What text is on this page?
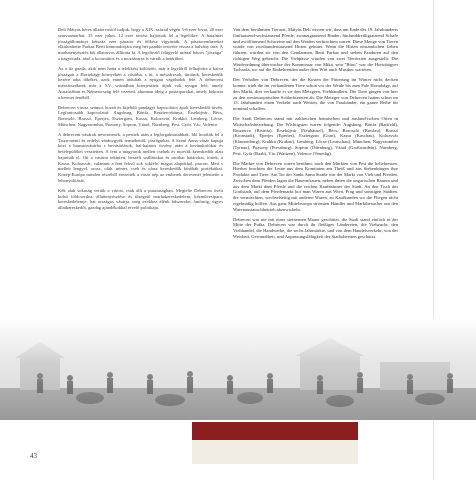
Deli Mátyás héres állatorvostól tudjuk, hogy a XIX. század végén 5-6 ezer lovat, 20 ezer szarvasmarhát, 35 ezer juhot, 12 ezer sertést hajtottak fel a legelőkre. A hatalmas jószágállományt kétszáz ezer pásztor és félkész vigyázták. A pásztorembereket elkülönítette Farkas Berti komondorjára meg hét pandúr testvére vissza a halvány útra. A marhatenyésztés két állatorvos állította ki. A legelteztő felügyelő mintal bátros "jószága" a nagyorada, ahol a kocsmáros és a mozsáraras is várták a betérőket.

Az a tíz gazda, akik nem hatta a telekkést költözött, már a legelőről felhajtotta a kacsa jószágait a Hortobágy környékén a vásárba, s itt, a mészárosok, tímárok, kereskedők kezére adta tőkékét, azok ennen indultak a nyugati vágóhídok felé. A debreceni mészárszéknek már a XV. században kiterjesztett útjuk volt nyugat felé, amely Ausztriában és Németország felé vezetett, ahonnan ideig a postaiparokat, amely behozta a kereset fenéből.

Debrecen virusz számos hozzá és kijelölő pandagyi kapcsolatot ápolt kereskedői útvén. Legfontosabb kapcsolatai: Augsburg, Bártfa, Besztercebánya, Érsekújvár, Bécs, Boroszló, Brassó, Eperjes, Esztergom, Kassa, Kolozsvár, Krakkó, Lemberg, Lőcse, München, Nagyszombat, Pozsony, Sopron, Várad, Nürnberg, Pest, Győr, Vác, Velence.

A debreceni vásárok nevezetesek, a pesttek után a legforgalmasabbak. Idő hordták fel a Tisza-menti és erdélyi váránygyék termékeitől, jószágaikat. A Szent Anna vásár kapuja közt a barmosvásárba s bevásárlások, hat-határos ösvény után a bevándorlókat és betelepülőket vesztetten. A fent a magyarok mellett csehek és morvák kereskedők alatt hajtották el. Ott a vásárra tekintett, beszélt szállásokat és utcákat határokat, törtek, a Kassa, Kolozsvár, valamint a fent fekvő sok sokféle, magas alapokkal, piacon. Mert s mellett lengyel, orosz, oláh, német, cseh és olasz kereskedők kínálták portékáikat. Közép-Európa minden részéből érezették a vásár nép az emberek derevenei jelentette a lebonyolítását.

Kék alak sokaság vettük a várost, csak állt a pusztaságban. Megtelte Debrecen övéit külső földcserdea, állattenyésztése és tőzegető marhakereskedelem, kézművesipara, kereskedelemje, hat országos vásárja, meg ezekhez élénk bűszereke, fanfaróg, ügyes állatkereskedőt, gazdag ajándékokkal érvelő politikája.

Von dem berühmten Tierarzt, Mátyás Deli wissen wir, dass am Ende des 19. Jahrhunderts fünftausend-sechstausend Pferde, zwanzigtausend Rinder, fünfunddreißigtausend Schafe und zwölftausend Schweine auf den Weiden verbrachten waren. Diese Menge von Tieren wurde von zweihunderttausend Hirten gehütet. Wenn die Hirten einsamlichen Leben führten, wurden sie von den Gendarmen, Berti Farkas und sieben Panduren auf den richtigen Weg gebracht. Die Viehpässe wurden von zwei Tierärzten ausgestellt. Die Weideordnung überwachte der Kommissar von Mika, sein "Büro" war die Hortobágyer Tscharda, wo auf die Einkehrenden außer dem Wirt auch Musiker warteten.

Der Verhalter von Debrecen, der die Kosten der Fütterung im Winter nicht decken konnte, trieb die im vorhandenen Tiere schon vor der Weide bis zum Pale Hortobágy, auf den Markt, dort verkaufte er sie den Metzgern, Viehhändlern. Die Tiere gingen von hier zu den westeuropäischen Schlachtereien ab. Die Metzger von Debrecen hatten schon im 15. Jahrhundert einen Verkehr nach Westen, die von Fassbänder, ein ganze Reihe für nominal schaffen.

Die Stadt Debrecen stand mit zahlreichen heimischen und ausländ-ischen Orten in Wirtschaftsbeziehung. Die Wichtigsten waren folgende: Augsburg, Bártfa (Bartfeld), Beszterce (Bistritz), Érsekújvár (Neuhäusel), Bécs, Boroszló (Breslau), Brassó (Kronstadt), Eperjes (Eperies), Esztergom (Gran), Kassa (Kaschau), Kolozsvár (Klausenburg), Krakkó (Krakau), Lemberg, Lőcse (Leutschau), München, Nagyszombat (Tyrnau), Pozsony (Pressburg), Sopron (Ödenburg), Várad (Großwardein), Nürnberg, Pest, Győr (Raab), Vác (Waitzen), Velence (Venedig).

Die Märkte von Debrecen waren berühmt, nach den Märkten von Pest die beliebtesten. Hierher brachten die Leute aus dem Komitaten am Theiß und aus Siebenbürgen ihre Produkte und Tiere. Am Tor der Sankt Anna Straße war der Markt von Vieh und Pferden. Zwischen dem Pferden lagen die Bauernfrauen, neben ihnen die ungarischen Bauern und aus dem Markt dem Pferde und die reichen Kaufmänner der Stadt. An den Tisch der Großstadt, auf dem Pferdemarkt bot man Waren aus Wien, Prag und sonstigen Städten, die vermischten, wechselseitig mit anderen Waren, zu Kaufkunden wo die Fliegen nicht regelmäßig hoffen. Aus ganz Mitteleuropa strömten Händler und Marktbesucher um den Warenaustauschbetrieb abzuwickeln.

Debrecen war nie mit einer steinernen Mauer geschützt, die Stadt stand einfach in der Mitte der Pußta. Debrecen war durch ihr fleißiges Ländereien, die Viehzucht, den Viehhandel, die Handwerke, die sechs Jahrmärkte, und von dem Handelsverkehr, von der Weisheit, Gewandtheit, und Anpassungsfähigkeit der Stadtobersten geschützt.

43
